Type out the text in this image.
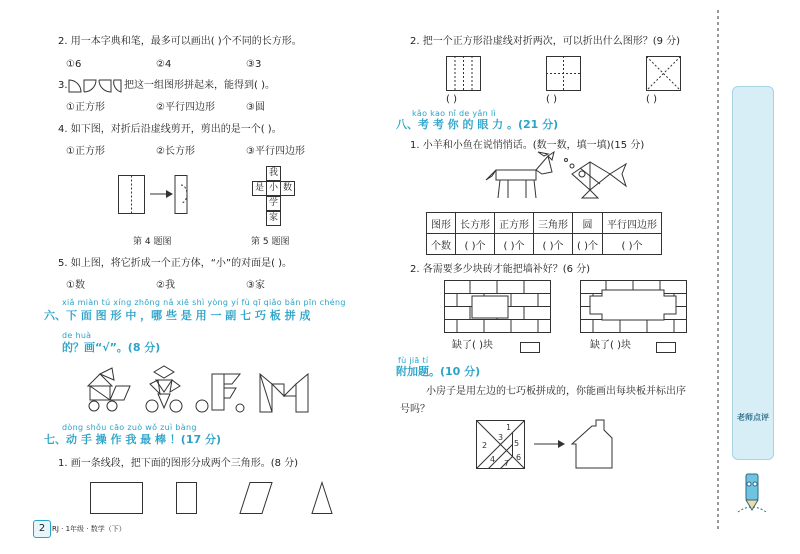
2. 用一本字典和笔，最多可以画出( )个不同的长方形。
①6	②4	③3
3.	把这一组图形拼起来，能得到( )。
①正方形	②平行四边形	③圆
4. 如下图，对折后沿虚线剪开，剪出的是一个( )。
①正方形	②长方形	③平行四边形
第 4 题图
我
是 小 数
学
家
第 5 题图
5. 如上图，将它折成一个正方体，“小”的对面是( )。
①数	②我	③家
xiǎ miàn tú xíng zhōng nǎ xiē shì yòng yí fù qī qiǎo bǎn pīn chéng
六、下 面 图 形 中 ，哪 些 是 用 一 副 七 巧 板 拼 成
de huà
的？画“√”。(8 分)
dòng shǒu cāo zuò wǒ zuì bàng
七、动 手 操 作 我 最 棒 ！(17 分)
1. 画一条线段，把下面的图形分成两个三角形。(8 分)
2 RJ · 1年级 · 数学（下）
2. 把一个正方形沿虚线对折两次，可以折出什么图形？(9 分)
( )	( )	( )
kǎo kao nǐ de yǎn lì
八、考 考 你 的 眼 力 。(21 分)
1. 小羊和小鱼在说悄悄话。(数一数，填一填)(15 分)
图形	长方形	正方形	三角形	圆	平行四边形
个数	( )个	( )个	( )个	( )个	( )个
2. 各需要多少块砖才能把墙补好？(6 分)
缺了( )块	缺了( )块
fù jiā tí
附加题。(10 分)
小房子是用左边的七巧板拼成的，你能画出每块板并标出序
号吗？
1
2
3
4
5
6
7
老师点评
